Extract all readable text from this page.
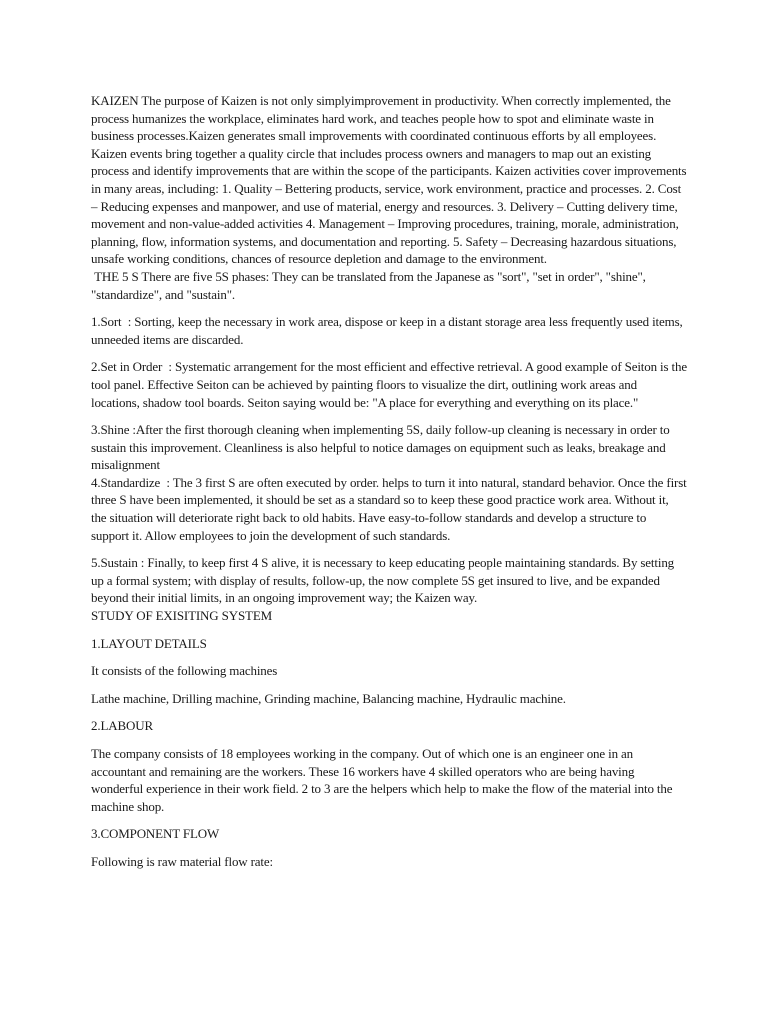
KAIZEN The purpose of Kaizen is not only simplyimprovement in productivity. When correctly implemented, the process humanizes the workplace, eliminates hard work, and teaches people how to spot and eliminate waste in business processes.Kaizen generates small improvements with coordinated continuous efforts by all employees. Kaizen events bring together a quality circle that includes process owners and managers to map out an existing process and identify improvements that are within the scope of the participants. Kaizen activities cover improvements in many areas, including: 1. Quality – Bettering products, service, work environment, practice and processes. 2. Cost – Reducing expenses and manpower, and use of material, energy and resources. 3. Delivery – Cutting delivery time, movement and non-value-added activities 4. Management – Improving procedures, training, morale, administration, planning, flow, information systems, and documentation and reporting. 5. Safety – Decreasing hazardous situations, unsafe working conditions, chances of resource depletion and damage to the environment.

THE 5 S There are five 5S phases: They can be translated from the Japanese as "sort", "set in order", "shine", "standardize", and "sustain".

1.Sort  : Sorting, keep the necessary in work area, dispose or keep in a distant storage area less frequently used items, unneeded items are discarded.

2.Set in Order  : Systematic arrangement for the most efficient and effective retrieval. A good example of Seiton is the tool panel. Effective Seiton can be achieved by painting floors to visualize the dirt, outlining work areas and locations, shadow tool boards. Seiton saying would be: "A place for everything and everything on its place."

3.Shine :After the first thorough cleaning when implementing 5S, daily follow-up cleaning is necessary in order to sustain this improvement. Cleanliness is also helpful to notice damages on equipment such as leaks, breakage and misalignment

4.Standardize  : The 3 first S are often executed by order. helps to turn it into natural, standard behavior. Once the first three S have been implemented, it should be set as a standard so to keep these good practice work area. Without it, the situation will deteriorate right back to old habits. Have easy-to-follow standards and develop a structure to support it. Allow employees to join the development of such standards.

5.Sustain : Finally, to keep first 4 S alive, it is necessary to keep educating people maintaining standards. By setting up a formal system; with display of results, follow-up, the now complete 5S get insured to live, and be expanded beyond their initial limits, in an ongoing improvement way; the Kaizen way.

STUDY OF EXISITING SYSTEM

1.LAYOUT DETAILS

It consists of the following machines

Lathe machine, Drilling machine, Grinding machine, Balancing machine, Hydraulic machine.

2.LABOUR

The company consists of 18 employees working in the company. Out of which one is an engineer one in an accountant and remaining are the workers. These 16 workers have 4 skilled operators who are being having wonderful experience in their work field. 2 to 3 are the helpers which help to make the flow of the material into the machine shop.

3.COMPONENT FLOW

Following is raw material flow rate:
